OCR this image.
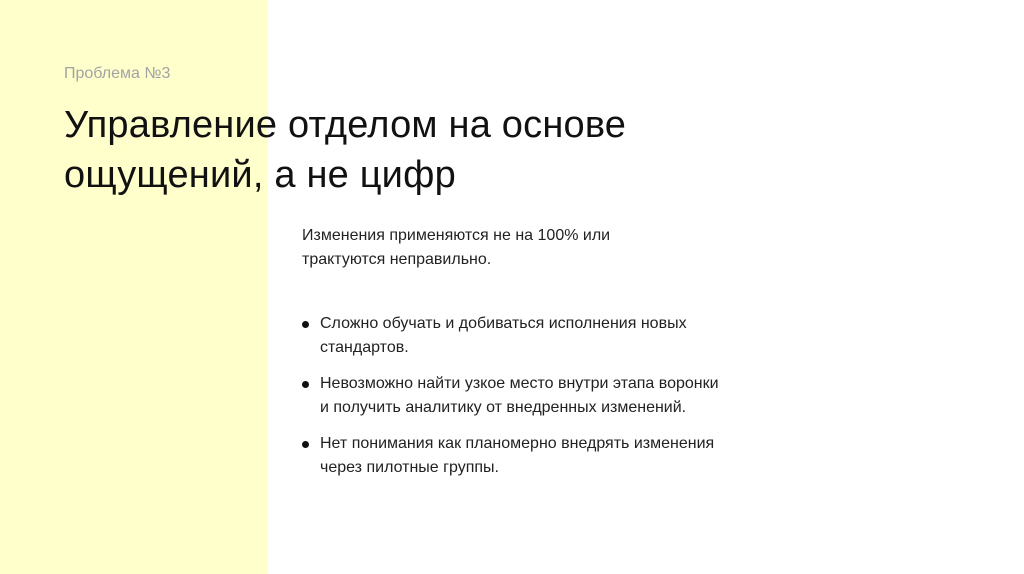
Проблема №3
Управление отделом на основе
ощущений, а не цифр

Изменения применяются не на 100% или
трактуются неправильно.

Сложно обучать и добиваться исполнения новых
стандартов.
Невозможно найти узкое место внутри этапа воронки
и получить аналитику от внедренных изменений.
Нет понимания как планомерно внедрять изменения
через пилотные группы.
